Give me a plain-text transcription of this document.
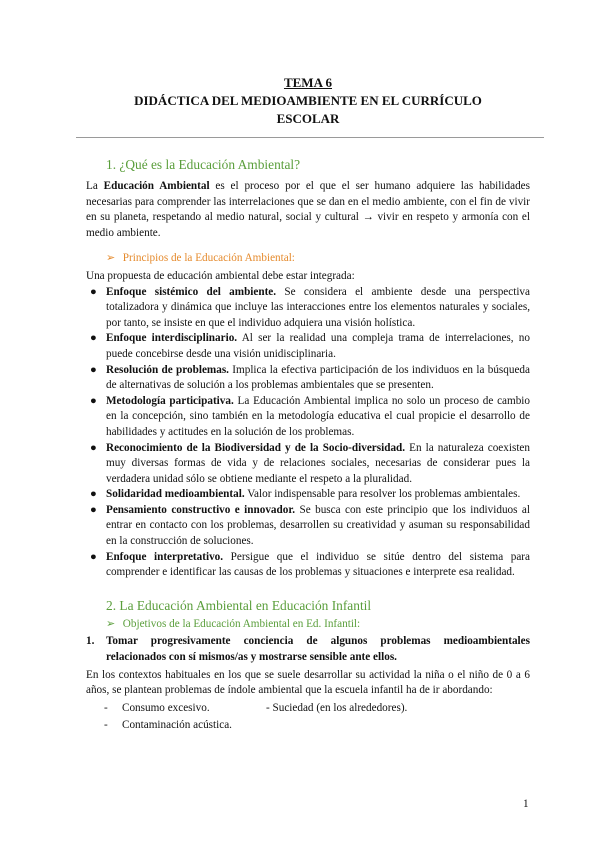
TEMA 6
DIDÁCTICA DEL MEDIOAMBIENTE EN EL CURRÍCULO
ESCOLAR
1. ¿Qué es la Educación Ambiental?

La Educación Ambiental es el proceso por el que el ser humano adquiere las habilidades necesarias para comprender las interrelaciones que se dan en el medio ambiente, con el fin de vivir en su planeta, respetando al medio natural, social y cultural → vivir en respeto y armonía con el medio ambiente.

➢ Principios de la Educación Ambiental:

Una propuesta de educación ambiental debe estar integrada:

● Enfoque sistémico del ambiente. Se considera el ambiente desde una perspectiva totalizadora y dinámica que incluye las interacciones entre los elementos naturales y sociales, por tanto, se insiste en que el individuo adquiera una visión holística.
● Enfoque interdisciplinario. Al ser la realidad una compleja trama de interrelaciones, no puede concebirse desde una visión unidisciplinaria.
● Resolución de problemas. Implica la efectiva participación de los individuos en la búsqueda de alternativas de solución a los problemas ambientales que se presenten.
● Metodología participativa. La Educación Ambiental implica no solo un proceso de cambio en la concepción, sino también en la metodología educativa el cual propicie el desarrollo de habilidades y actitudes en la solución de los problemas.
● Reconocimiento de la Biodiversidad y de la Socio-diversidad. En la naturaleza coexisten muy diversas formas de vida y de relaciones sociales, necesarias de considerar pues la verdadera unidad sólo se obtiene mediante el respeto a la pluralidad.
● Solidaridad medioambiental. Valor indispensable para resolver los problemas ambientales.
● Pensamiento constructivo e innovador. Se busca con este principio que los individuos al entrar en contacto con los problemas, desarrollen su creatividad y asuman su responsabilidad en la construcción de soluciones.
● Enfoque interpretativo. Persigue que el individuo se sitúe dentro del sistema para comprender e identificar las causas de los problemas y situaciones e interprete esa realidad.
2. La Educación Ambiental en Educación Infantil
➢ Objetivos de la Educación Ambiental en Ed. Infantil:
1. Tomar progresivamente conciencia de algunos problemas medioambientales relacionados con sí mismos/as y mostrarse sensible ante ellos.

En los contextos habituales en los que se suele desarrollar su actividad la niña o el niño de 0 a 6 años, se plantean problemas de índole ambiental que la escuela infantil ha de ir abordando:

- Consumo excesivo.	- Suciedad (en los alrededores).
- Contaminación acústica.
1
